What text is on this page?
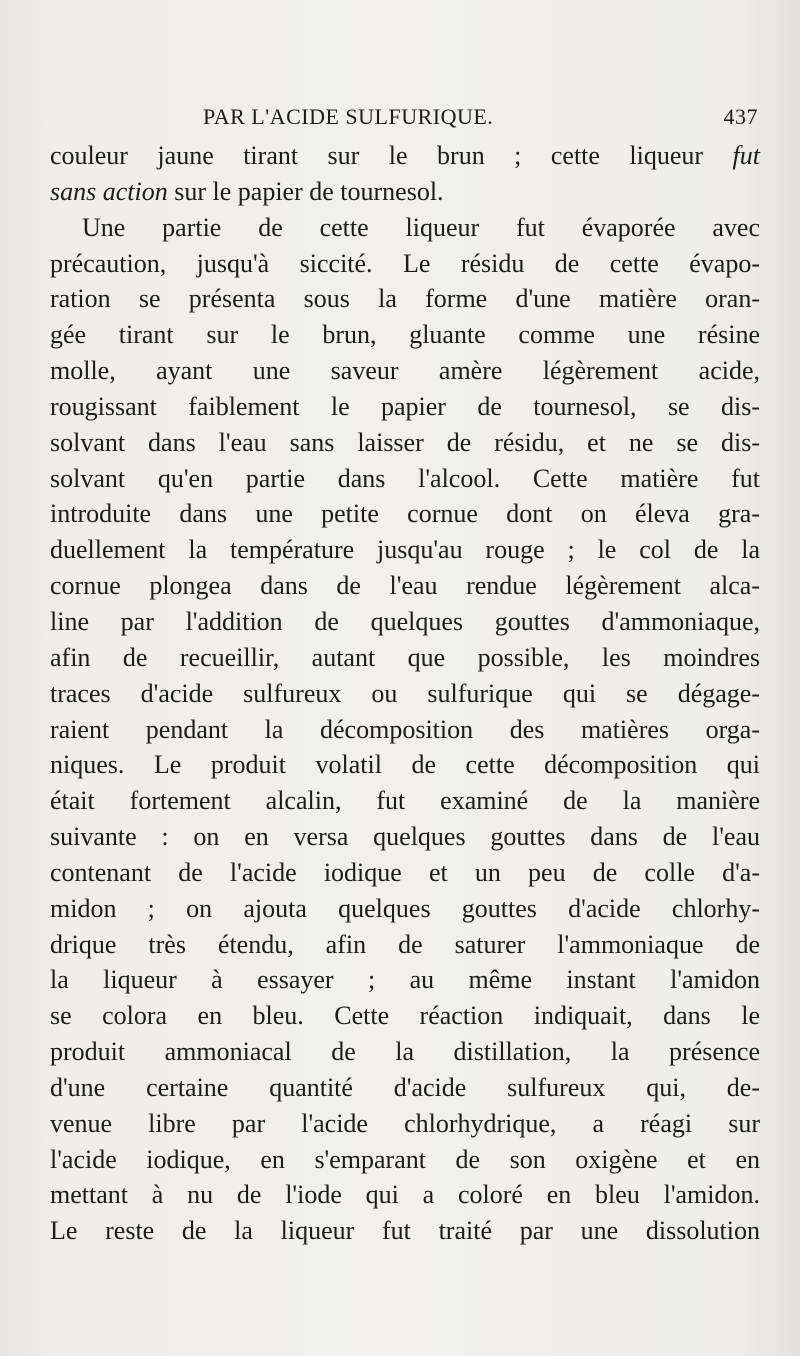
PAR L'ACIDE SULFURIQUE.	437
couleur jaune tirant sur le brun ; cette liqueur fut
sans action sur le papier de tournesol.
Une partie de cette liqueur fut évaporée avec
précaution, jusqu'à siccité. Le résidu de cette évapo-
ration se présenta sous la forme d'une matière oran-
gée tirant sur le brun, gluante comme une résine
molle, ayant une saveur amère légèrement acide,
rougissant faiblement le papier de tournesol, se dis-
solvant dans l'eau sans laisser de résidu, et ne se dis-
solvant qu'en partie dans l'alcool. Cette matière fut
introduite dans une petite cornue dont on éleva gra-
duellement la température jusqu'au rouge ; le col de la
cornue plongea dans de l'eau rendue légèrement alca-
line par l'addition de quelques gouttes d'ammoniaque,
afin de recueillir, autant que possible, les moindres
traces d'acide sulfureux ou sulfurique qui se dégage-
raient pendant la décomposition des matières orga-
niques. Le produit volatil de cette décomposition qui
était fortement alcalin, fut examiné de la manière
suivante : on en versa quelques gouttes dans de l'eau
contenant de l'acide iodique et un peu de colle d'a-
midon ; on ajouta quelques gouttes d'acide chlorhy-
drique très étendu, afin de saturer l'ammoniaque de
la liqueur à essayer ; au même instant l'amidon
se colora en bleu. Cette réaction indiquait, dans le
produit ammoniacal de la distillation, la présence
d'une certaine quantité d'acide sulfureux qui, de-
venue libre par l'acide chlorhydrique, a réagi sur
l'acide iodique, en s'emparant de son oxigène et en
mettant à nu de l'iode qui a coloré en bleu l'amidon.
Le reste de la liqueur fut traité par une dissolution
